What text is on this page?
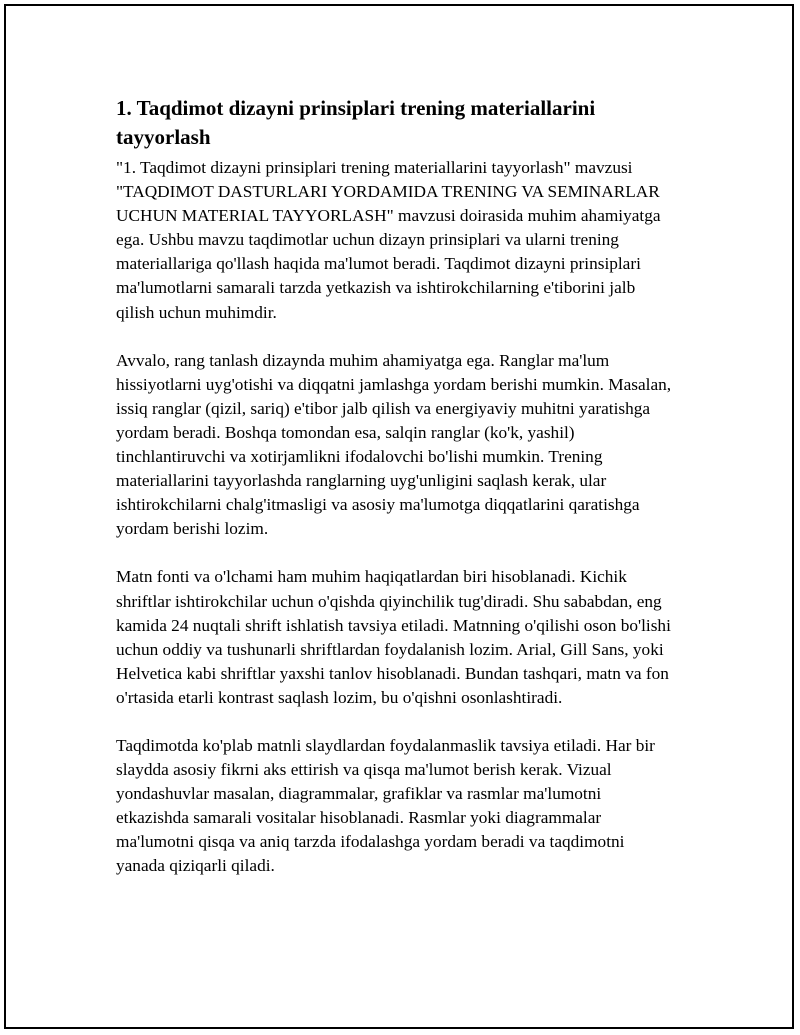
1. Taqdimot dizayni prinsiplari trening materiallarini tayyorlash

"1. Taqdimot dizayni prinsiplari trening materiallarini tayyorlash" mavzusi "TAQDIMOT DASTURLARI YORDAMIDA TRENING VA SEMINARLAR UCHUN MATERIAL TAYYORLASH" mavzusi doirasida muhim ahamiyatga ega. Ushbu mavzu taqdimotlar uchun dizayn prinsiplari va ularni trening materiallariga qo'llash haqida ma'lumot beradi. Taqdimot dizayni prinsiplari ma'lumotlarni samarali tarzda yetkazish va ishtirokchilarning e'tiborini jalb qilish uchun muhimdir.

Avvalo, rang tanlash dizaynda muhim ahamiyatga ega. Ranglar ma'lum hissiyotlarni uyg'otishi va diqqatni jamlashga yordam berishi mumkin. Masalan, issiq ranglar (qizil, sariq) e'tibor jalb qilish va energiyaviy muhitni yaratishga yordam beradi. Boshqa tomondan esa, salqin ranglar (ko'k, yashil) tinchlantiruvchi va xotirjamlikni ifodalovchi bo'lishi mumkin. Trening materiallarini tayyorlashda ranglarning uyg'unligini saqlash kerak, ular ishtirokchilarni chalg'itmasligi va asosiy ma'lumotga diqqatlarini qaratishga yordam berishi lozim.

Matn fonti va o'lchami ham muhim haqiqatlardan biri hisoblanadi. Kichik shriftlar ishtirokchilar uchun o'qishda qiyinchilik tug'diradi. Shu sababdan, eng kamida 24 nuqtali shrift ishlatish tavsiya etiladi. Matnning o'qilishi oson bo'lishi uchun oddiy va tushunarli shriftlardan foydalanish lozim. Arial, Gill Sans, yoki Helvetica kabi shriftlar yaxshi tanlov hisoblanadi. Bundan tashqari, matn va fon o'rtasida etarli kontrast saqlash lozim, bu o'qishni osonlashtiradi.

Taqdimotda ko'plab matnli slaydlardan foydalanmaslik tavsiya etiladi. Har bir slaydda asosiy fikrni aks ettirish va qisqa ma'lumot berish kerak. Vizual yondashuvlar masalan, diagrammalar, grafiklar va rasmlar ma'lumotni etkazishda samarali vositalar hisoblanadi. Rasmlar yoki diagrammalar ma'lumotni qisqa va aniq tarzda ifodalashga yordam beradi va taqdimotni yanada qiziqarli qiladi.
